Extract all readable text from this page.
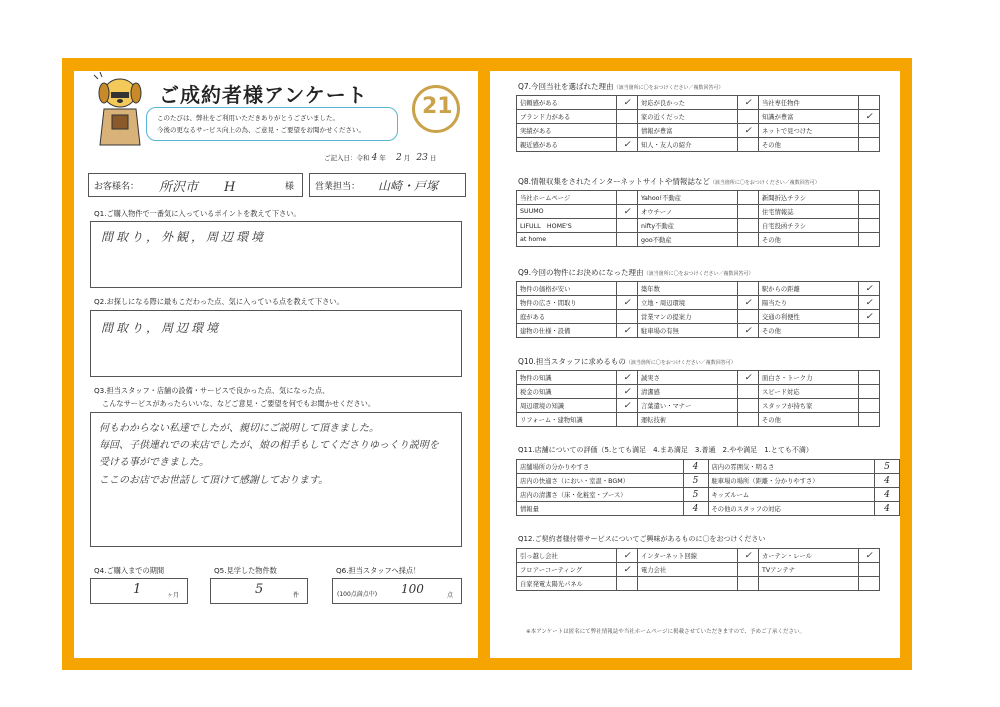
ご成約者様アンケート
このたびは、弊社をご利用いただきありがとうございました。
今後の更なるサービス向上の為、ご意見・ご要望をお聞かせください。
21
ご記入日：令和 4 年 2 月 23 日
お客様名： 所沢市　　H	様 営業担当： 山崎・戸塚
Q1.ご購入物件で一番気に入っているポイントを教えて下さい。
間取り，外観，周辺環境
Q2.お探しになる際に最もこだわった点、気に入っている点を教えて下さい。
間取り，周辺環境
Q3.担当スタッフ・店舗の設備・サービスで良かった点、気になった点、
こんなサービスがあったらいいな、などご意見・ご要望を何でもお聞かせください。
何もわからない私達でしたが、親切にご説明して頂きました。
毎回、子供連れでの来店でしたが、娘の相手もしてくださりゆっくり説明を
受ける事ができました。
ここのお店でお世話して頂けて感謝しております。
Q4.ご購入までの期間
1	ヶ月
Q5.見学した物件数
5	件
Q6.担当スタッフへ採点！
(100点満点中) 100	点
Q7.今回当社を選ばれた理由（該当箇所に〇をおつけください／複数回答可）
信頼感がある	✓	対応が良かった	✓	当社専任物件	
ブランド力がある		家の近くだった		知識が豊富	✓
実績がある		情報が豊富	✓	ネットで見つけた	
親近感がある	✓	知人・友人の紹介		その他	
Q8.情報収集をされたインターネットサイトや情報誌など（該当箇所に〇をおつけください／複数回答可）
当社ホームページ		Yahoo!不動産		新聞折込チラシ	
SUUMO	✓	オウチーノ		住宅情報誌	
LIFULL　HOME'S		nifty不動産		自宅投函チラシ	
at home		goo不動産		その他	
Q9.今回の物件にお決めになった理由（該当箇所に〇をおつけください／複数回答可）
物件の価格が安い		築年数		駅からの距離	✓
物件の広さ・間取り	✓	立地・周辺環境	✓	陽当たり	✓
庭がある		営業マンの提案力		交通の利便性	✓
建物の仕様・設備	✓	駐車場の有無	✓	その他	
Q10.担当スタッフに求めるもの（該当箇所に〇をおつけください／複数回答可）
物件の知識	✓	誠実さ	✓	面白さ・トーク力	
税金の知識	✓	清潔感		スピード対応	
周辺環境の知識	✓	言葉遣い・マナー		スタッフが持ち家	
リフォーム・建物知識		運転技術		その他	
Q11.店舗についての評価（5.とても満足　4.まあ満足　3.普通　2.やや満足　1.とても不満）
店舗場所の分かりやすさ	4	店内の雰囲気・明るさ	5
店内の快適さ（におい・室温・BGM）	5	駐車場の場所（距離・分かりやすさ）	4
店内の清潔さ（床・化粧室・ブース）	5	キッズルーム	4
情報量	4	その他のスタッフの対応	4
Q12.ご契約者様付帯サービスについてご興味があるものに〇をおつけください
引っ越し会社	✓	インターネット回線	✓	カーテン・レール	✓
フロアーコーティング	✓	電力会社		TVアンテナ	
自家発電太陽光パネル					
※本アンケートは匿名にて弊社情報誌や当社ホームページに掲載させていただきますので、予めご了承ください。
